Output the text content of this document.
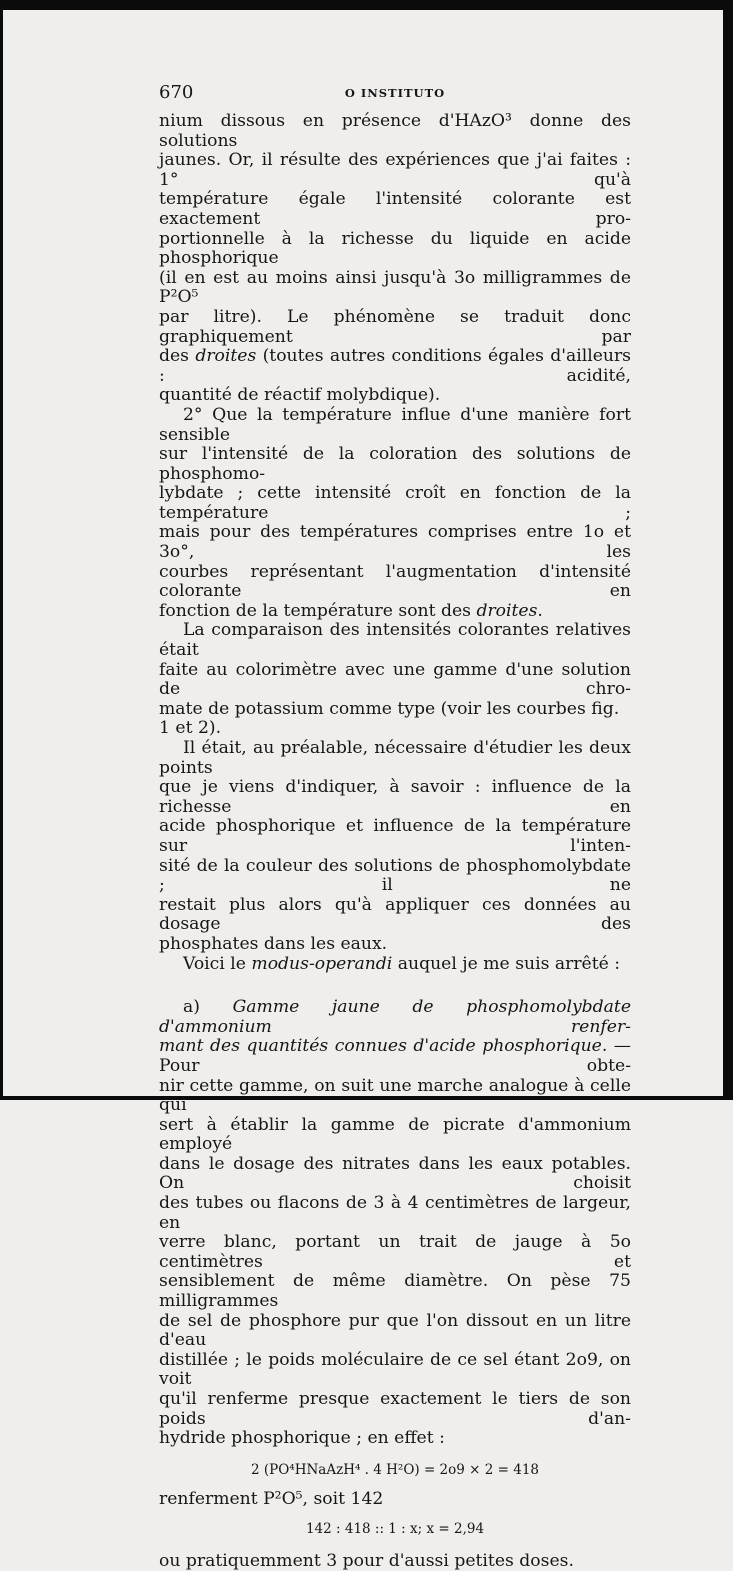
670	O INSTITUTO

nium dissous en présence d'HAzO³ donne des solutions
jaunes. Or, il résulte des expériences que j'ai faites : 1° qu'à
température égale l'intensité colorante est exactement pro-
portionnelle à la richesse du liquide en acide phosphorique
(il en est au moins ainsi jusqu'à 3o milligrammes de P²O⁵
par litre). Le phénomène se traduit donc graphiquement par
des droites (toutes autres conditions égales d'ailleurs : acidité,
quantité de réactif molybdique).

2° Que la température influe d'une manière fort sensible
sur l'intensité de la coloration des solutions de phosphomo-
lybdate ; cette intensité croît en fonction de la température ;
mais pour des températures comprises entre 1o et 3o°, les
courbes représentant l'augmentation d'intensité colorante en
fonction de la température sont des droites.

La comparaison des intensités colorantes relatives était
faite au colorimètre avec une gamme d'une solution de chro-
mate de potassium comme type (voir les courbes fig. 1 et 2).

Il était, au préalable, nécessaire d'étudier les deux points
que je viens d'indiquer, à savoir : influence de la richesse en
acide phosphorique et influence de la température sur l'inten-
sité de la couleur des solutions de phosphomolybdate ; il ne
restait plus alors qu'à appliquer ces données au dosage des
phosphates dans les eaux.

Voici le modus-operandi auquel je me suis arrêté :

a) Gamme jaune de phosphomolybdate d'ammonium renfer-
mant des quantités connues d'acide phosphorique. — Pour obte-
nir cette gamme, on suit une marche analogue à celle qui
sert à établir la gamme de picrate d'ammonium employé
dans le dosage des nitrates dans les eaux potables. On choisit
des tubes ou flacons de 3 à 4 centimètres de largeur, en
verre blanc, portant un trait de jauge à 5o centimètres et
sensiblement de même diamètre. On pèse 75 milligrammes
de sel de phosphore pur que l'on dissout en un litre d'eau
distillée ; le poids moléculaire de ce sel étant 2o9, on voit
qu'il renferme presque exactement le tiers de son poids d'an-
hydride phosphorique ; en effet :

2 (PO⁴HNaAzH⁴ . 4 H²O) = 2o9 × 2 = 418

renferment P²O⁵, soit 142

142 : 418 :: 1 : x; x = 2,94

ou pratiquemment 3 pour d'aussi petites doses.
